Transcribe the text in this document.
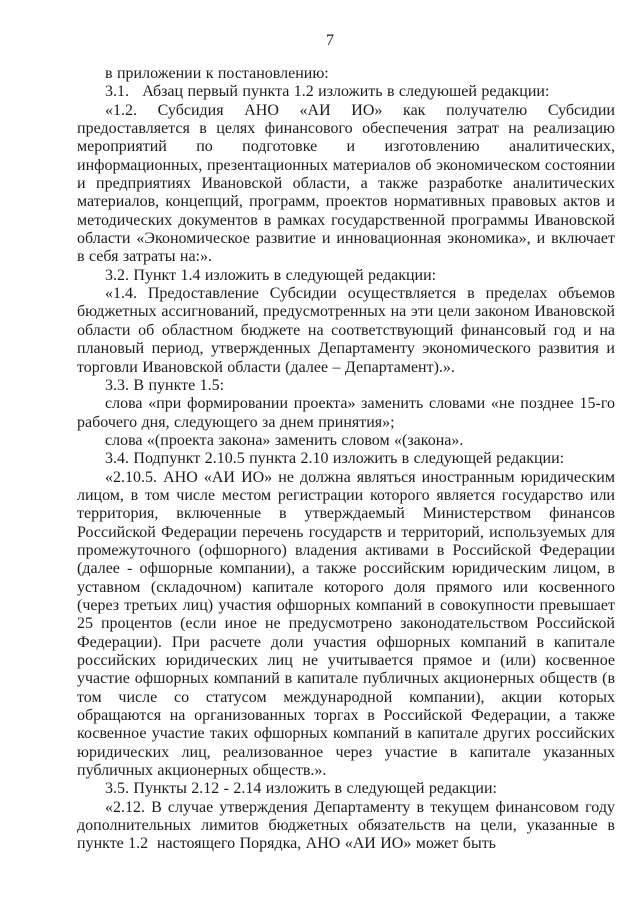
7

в приложении к постановлению:

3.1.   Абзац первый пункта 1.2 изложить в следуюшей редакции:

«1.2. Субсидия АНО «АИ ИО» как получателю Субсидии предоставляется в целях финансового обеспечения затрат на реализацию мероприятий по подготовке и изготовлению аналитических, информационных, презентационных материалов об экономическом состоянии и предприятиях Ивановской области, а также разработке аналитических материалов, концепций, программ, проектов нормативных правовых актов и методических документов в рамках государственной программы Ивановской области «Экономическое развитие и инновационная экономика», и включает в себя затраты на:».

3.2. Пункт 1.4 изложить в следующей редакции:

«1.4. Предоставление Субсидии осуществляется в пределах объемов бюджетных ассигнований, предусмотренных на эти цели законом Ивановской области об областном бюджете на соответствующий финансовый год и на плановый период, утвержденных Департаменту экономического развития и торговли Ивановской области (далее – Департамент).».

3.3. В пункте 1.5:

слова «при формировании проекта» заменить словами «не позднее 15-го рабочего дня, следующего за днем принятия»;

слова «(проекта закона» заменить словом «(закона».

3.4. Подпункт 2.10.5 пункта 2.10 изложить в следующей редакции:

«2.10.5. АНО «АИ ИО» не должна являться иностранным юридическим лицом, в том числе местом регистрации которого является государство или территория, включенные в утверждаемый Министерством финансов Российской Федерации перечень государств и территорий, используемых для промежуточного (офшорного) владения активами в Российской Федерации (далее - офшорные компании), а также российским юридическим лицом, в уставном (складочном) капитале которого доля прямого или косвенного (через третьих лиц) участия офшорных компаний в совокупности превышает 25 процентов (если иное не предусмотрено законодательством Российской Федерации). При расчете доли участия офшорных компаний в капитале российских юридических лиц не учитывается прямое и (или) косвенное участие офшорных компаний в капитале публичных акционерных обществ (в том числе со статусом международной компании), акции которых обращаются на организованных торгах в Российской Федерации, а также косвенное участие таких офшорных компаний в капитале других российских юридических лиц, реализованное через участие в капитале указанных публичных акционерных обществ.».

3.5. Пункты 2.12 - 2.14 изложить в следующей редакции:

«2.12. В случае утверждения Департаменту в текущем финансовом году дополнительных лимитов бюджетных обязательств на цели, указанные в пункте 1.2  настоящего Порядка, АНО «АИ ИО» может быть
